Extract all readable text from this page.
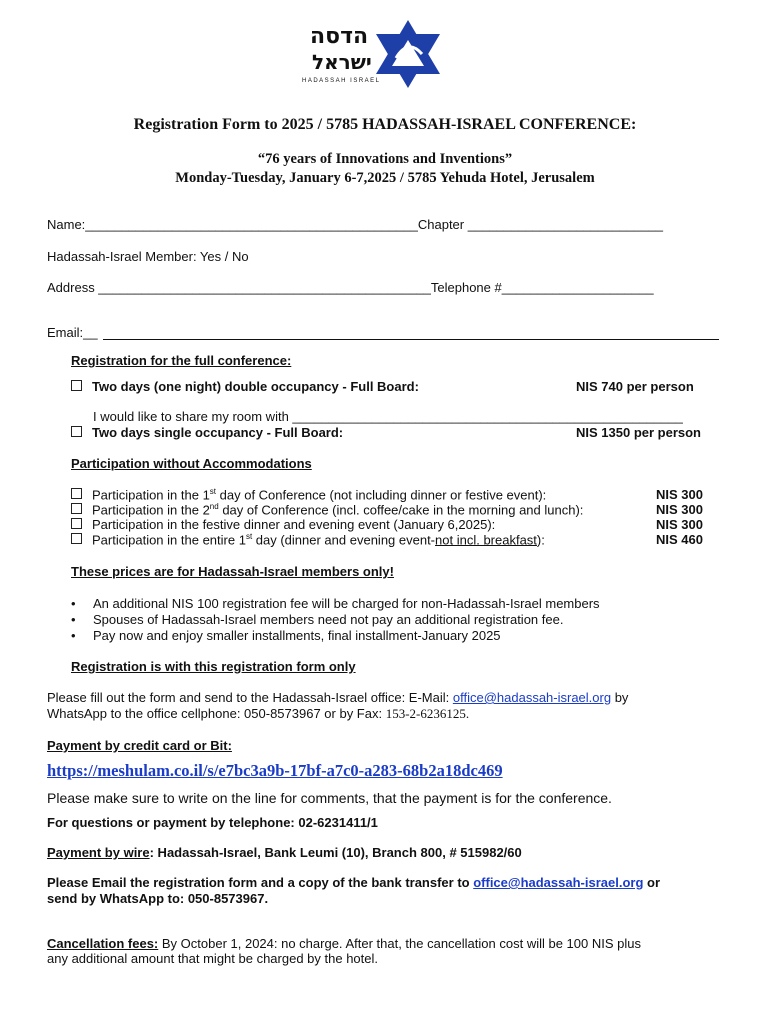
הדסה
ישראל
HADASSAH ISRAEL
Registration Form to 2025 / 5785 HADASSAH-ISRAEL CONFERENCE:
“76 years of Innovations and Inventions”
Monday-Tuesday, January 6-7,2025 / 5785 Yehuda Hotel, Jerusalem
Name:______________________________________________Chapter ___________________________
Hadassah-Israel Member: Yes / No
Address ______________________________________________Telephone #_____________________
Email:__
Registration for the full conference:
Two days (one night) double occupancy - Full Board:	NIS 740 per person
I would like to share my room with ______________________________________________________
Two days single occupancy - Full Board:	NIS 1350 per person
Participation without Accommodations
Participation in the 1st day of Conference (not including dinner or festive event):	NIS 300
Participation in the 2nd day of Conference (incl. coffee/cake in the morning and lunch):	NIS 300
Participation in the festive dinner and evening event (January 6,2025):	NIS 300
Participation in the entire 1st day (dinner and evening event-not incl. breakfast):	NIS 460
These prices are for Hadassah-Israel members only!
• An additional NIS 100 registration fee will be charged for non-Hadassah-Israel members
• Spouses of Hadassah-Israel members need not pay an additional registration fee.
• Pay now and enjoy smaller installments, final installment-January 2025
Registration is with this registration form only
Please fill out the form and send to the Hadassah-Israel office: E-Mail: office@hadassah-israel.org by
WhatsApp to the office cellphone: 050-8573967 or by Fax: 153-2-6236125.
Payment by credit card or Bit:
https://meshulam.co.il/s/e7bc3a9b-17bf-a7c0-a283-68b2a18dc469
Please make sure to write on the line for comments, that the payment is for the conference.
For questions or payment by telephone: 02-6231411/1
Payment by wire: Hadassah-Israel, Bank Leumi (10), Branch 800, # 515982/60
Please Email the registration form and a copy of the bank transfer to office@hadassah-israel.org or
send by WhatsApp to: 050-8573967.
Cancellation fees: By October 1, 2024: no charge. After that, the cancellation cost will be 100 NIS plus
any additional amount that might be charged by the hotel.
